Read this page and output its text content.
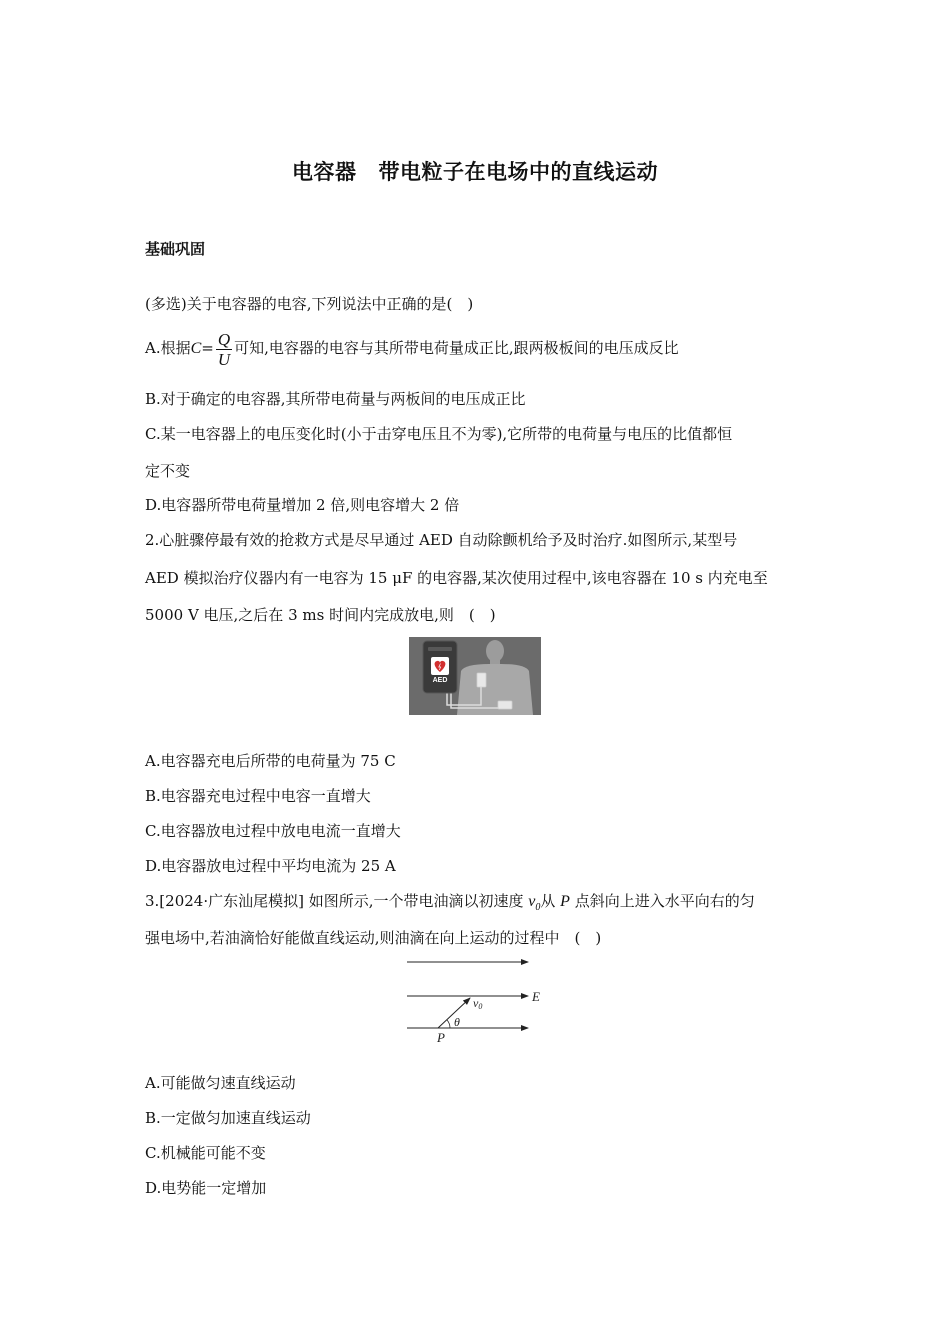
电容器 带电粒子在电场中的直线运动
基础巩固
(多选)关于电容器的电容,下列说法中正确的是(　)
A.根据$C= \frac{Q}{U}$ 可知,电容器的电容与其所带电荷量成正比,跟两极板间的电压成反比
B.对于确定的电容器,其所带电荷量与两板间的电压成正比
C.某一电容器上的电压变化时(小于击穿电压且不为零),它所带的电荷量与电压的比值都恒
定不变
D.电容器所带电荷量增加 2 倍,则电容增大 2 倍
2.心脏骤停最有效的抢救方式是尽早通过 AED 自动除颤机给予及时治疗.如图所示,某型号
AED 模拟治疗仪器内有一电容为 15 μF 的电容器,某次使用过程中,该电容器在 10 s 内充电至
5000 V 电压,之后在 3 ms 时间内完成放电,则　(　)
AED
A.电容器充电后所带的电荷量为 75 C
B.电容器充电过程中电容一直增大
C.电容器放电过程中放电电流一直增大
D.电容器放电过程中平均电流为 25 A
3.[2024·广东汕尾模拟] 如图所示,一个带电油滴以初速度 $v_0$从 P 点斜向上进入水平向右的匀
强电场中,若油滴恰好能做直线运动,则油滴在向上运动的过程中　(　)
E
v0
θ
P
A.可能做匀速直线运动
B.一定做匀加速直线运动
C.机械能可能不变
D.电势能一定增加
